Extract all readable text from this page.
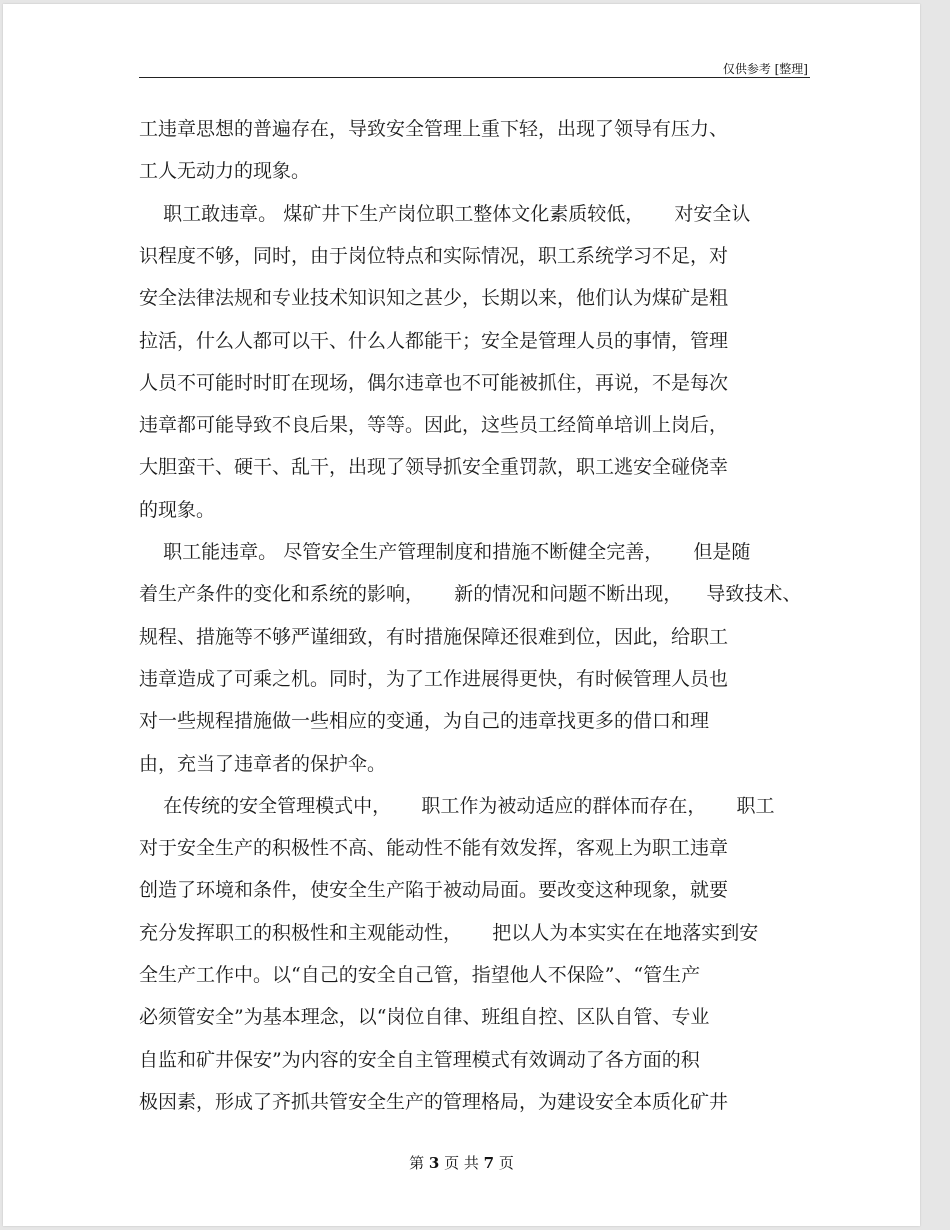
仅供参考 [整理]
工违章思想的普遍存在，导致安全管理上重下轻，出现了领导有压力、
工人无动力的现象。
职工敢违章。 煤矿井下生产岗位职工整体文化素质较低，     对安全认
识程度不够，同时，由于岗位特点和实际情况，职工系统学习不足，对
安全法律法规和专业技术知识知之甚少，长期以来，他们认为煤矿是粗
拉活，什么人都可以干、什么人都能干；安全是管理人员的事情，管理
人员不可能时时盯在现场，偶尔违章也不可能被抓住，再说，不是每次
违章都可能导致不良后果，等等。因此，这些员工经简单培训上岗后，
大胆蛮干、硬干、乱干，出现了领导抓安全重罚款，职工逃安全碰侥幸
的现象。
职工能违章。 尽管安全生产管理制度和措施不断健全完善，     但是随
着生产条件的变化和系统的影响，     新的情况和问题不断出现，    导致技术、
规程、措施等不够严谨细致，有时措施保障还很难到位，因此，给职工
违章造成了可乘之机。同时，为了工作进展得更快，有时候管理人员也
对一些规程措施做一些相应的变通，为自己的违章找更多的借口和理
由，充当了违章者的保护伞。
在传统的安全管理模式中，     职工作为被动适应的群体而存在，     职工
对于安全生产的积极性不高、能动性不能有效发挥，客观上为职工违章
创造了环境和条件，使安全生产陷于被动局面。要改变这种现象，就要
充分发挥职工的积极性和主观能动性，     把以人为本实实在在地落实到安
全生产工作中。以“自己的安全自己管，指望他人不保险”、“管生产
必须管安全”为基本理念，以“岗位自律、班组自控、区队自管、专业
自监和矿井保安”为内容的安全自主管理模式有效调动了各方面的积
极因素，形成了齐抓共管安全生产的管理格局，为建设安全本质化矿井
第 3 页 共 7 页
